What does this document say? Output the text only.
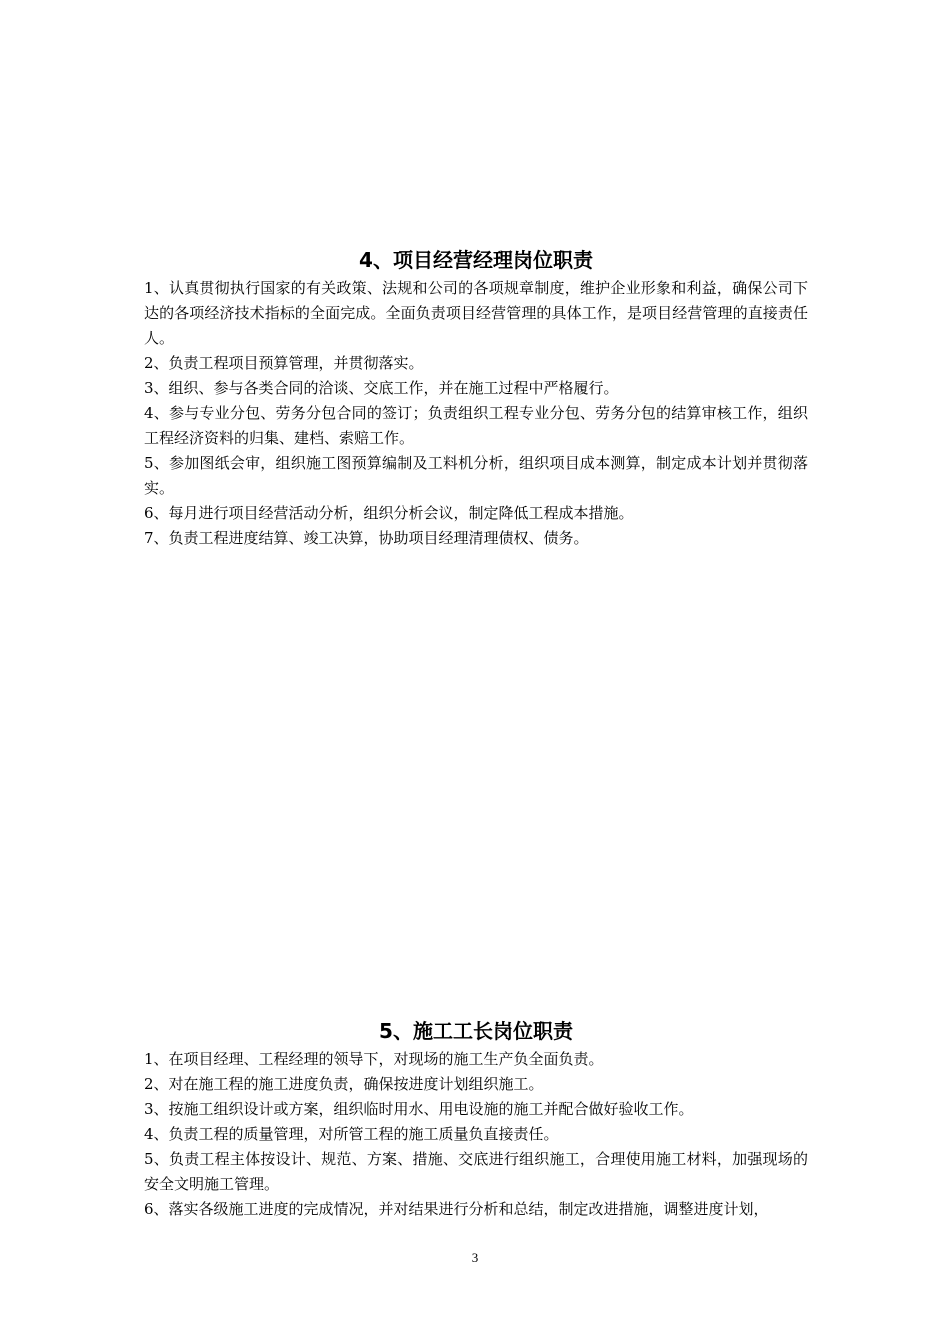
4、项目经营经理岗位职责

1、认真贯彻执行国家的有关政策、法规和公司的各项规章制度，维护企业形象和利益，确保公司下达的各项经济技术指标的全面完成。全面负责项目经营管理的具体工作，是项目经营管理的直接责任人。

2、负责工程项目预算管理，并贯彻落实。

3、组织、参与各类合同的洽谈、交底工作，并在施工过程中严格履行。

4、参与专业分包、劳务分包合同的签订；负责组织工程专业分包、劳务分包的结算审核工作，组织工程经济资料的归集、建档、索赔工作。

5、参加图纸会审，组织施工图预算编制及工料机分析，组织项目成本测算，制定成本计划并贯彻落实。

6、每月进行项目经营活动分析，组织分析会议，制定降低工程成本措施。

7、负责工程进度结算、竣工决算，协助项目经理清理债权、债务。

5、施工工长岗位职责

1、在项目经理、工程经理的领导下，对现场的施工生产负全面负责。

2、对在施工程的施工进度负责，确保按进度计划组织施工。

3、按施工组织设计或方案，组织临时用水、用电设施的施工并配合做好验收工作。

4、负责工程的质量管理，对所管工程的施工质量负直接责任。

5、负责工程主体按设计、规范、方案、措施、交底进行组织施工，合理使用施工材料，加强现场的安全文明施工管理。

6、落实各级施工进度的完成情况，并对结果进行分析和总结，制定改进措施，调整进度计划，

3
